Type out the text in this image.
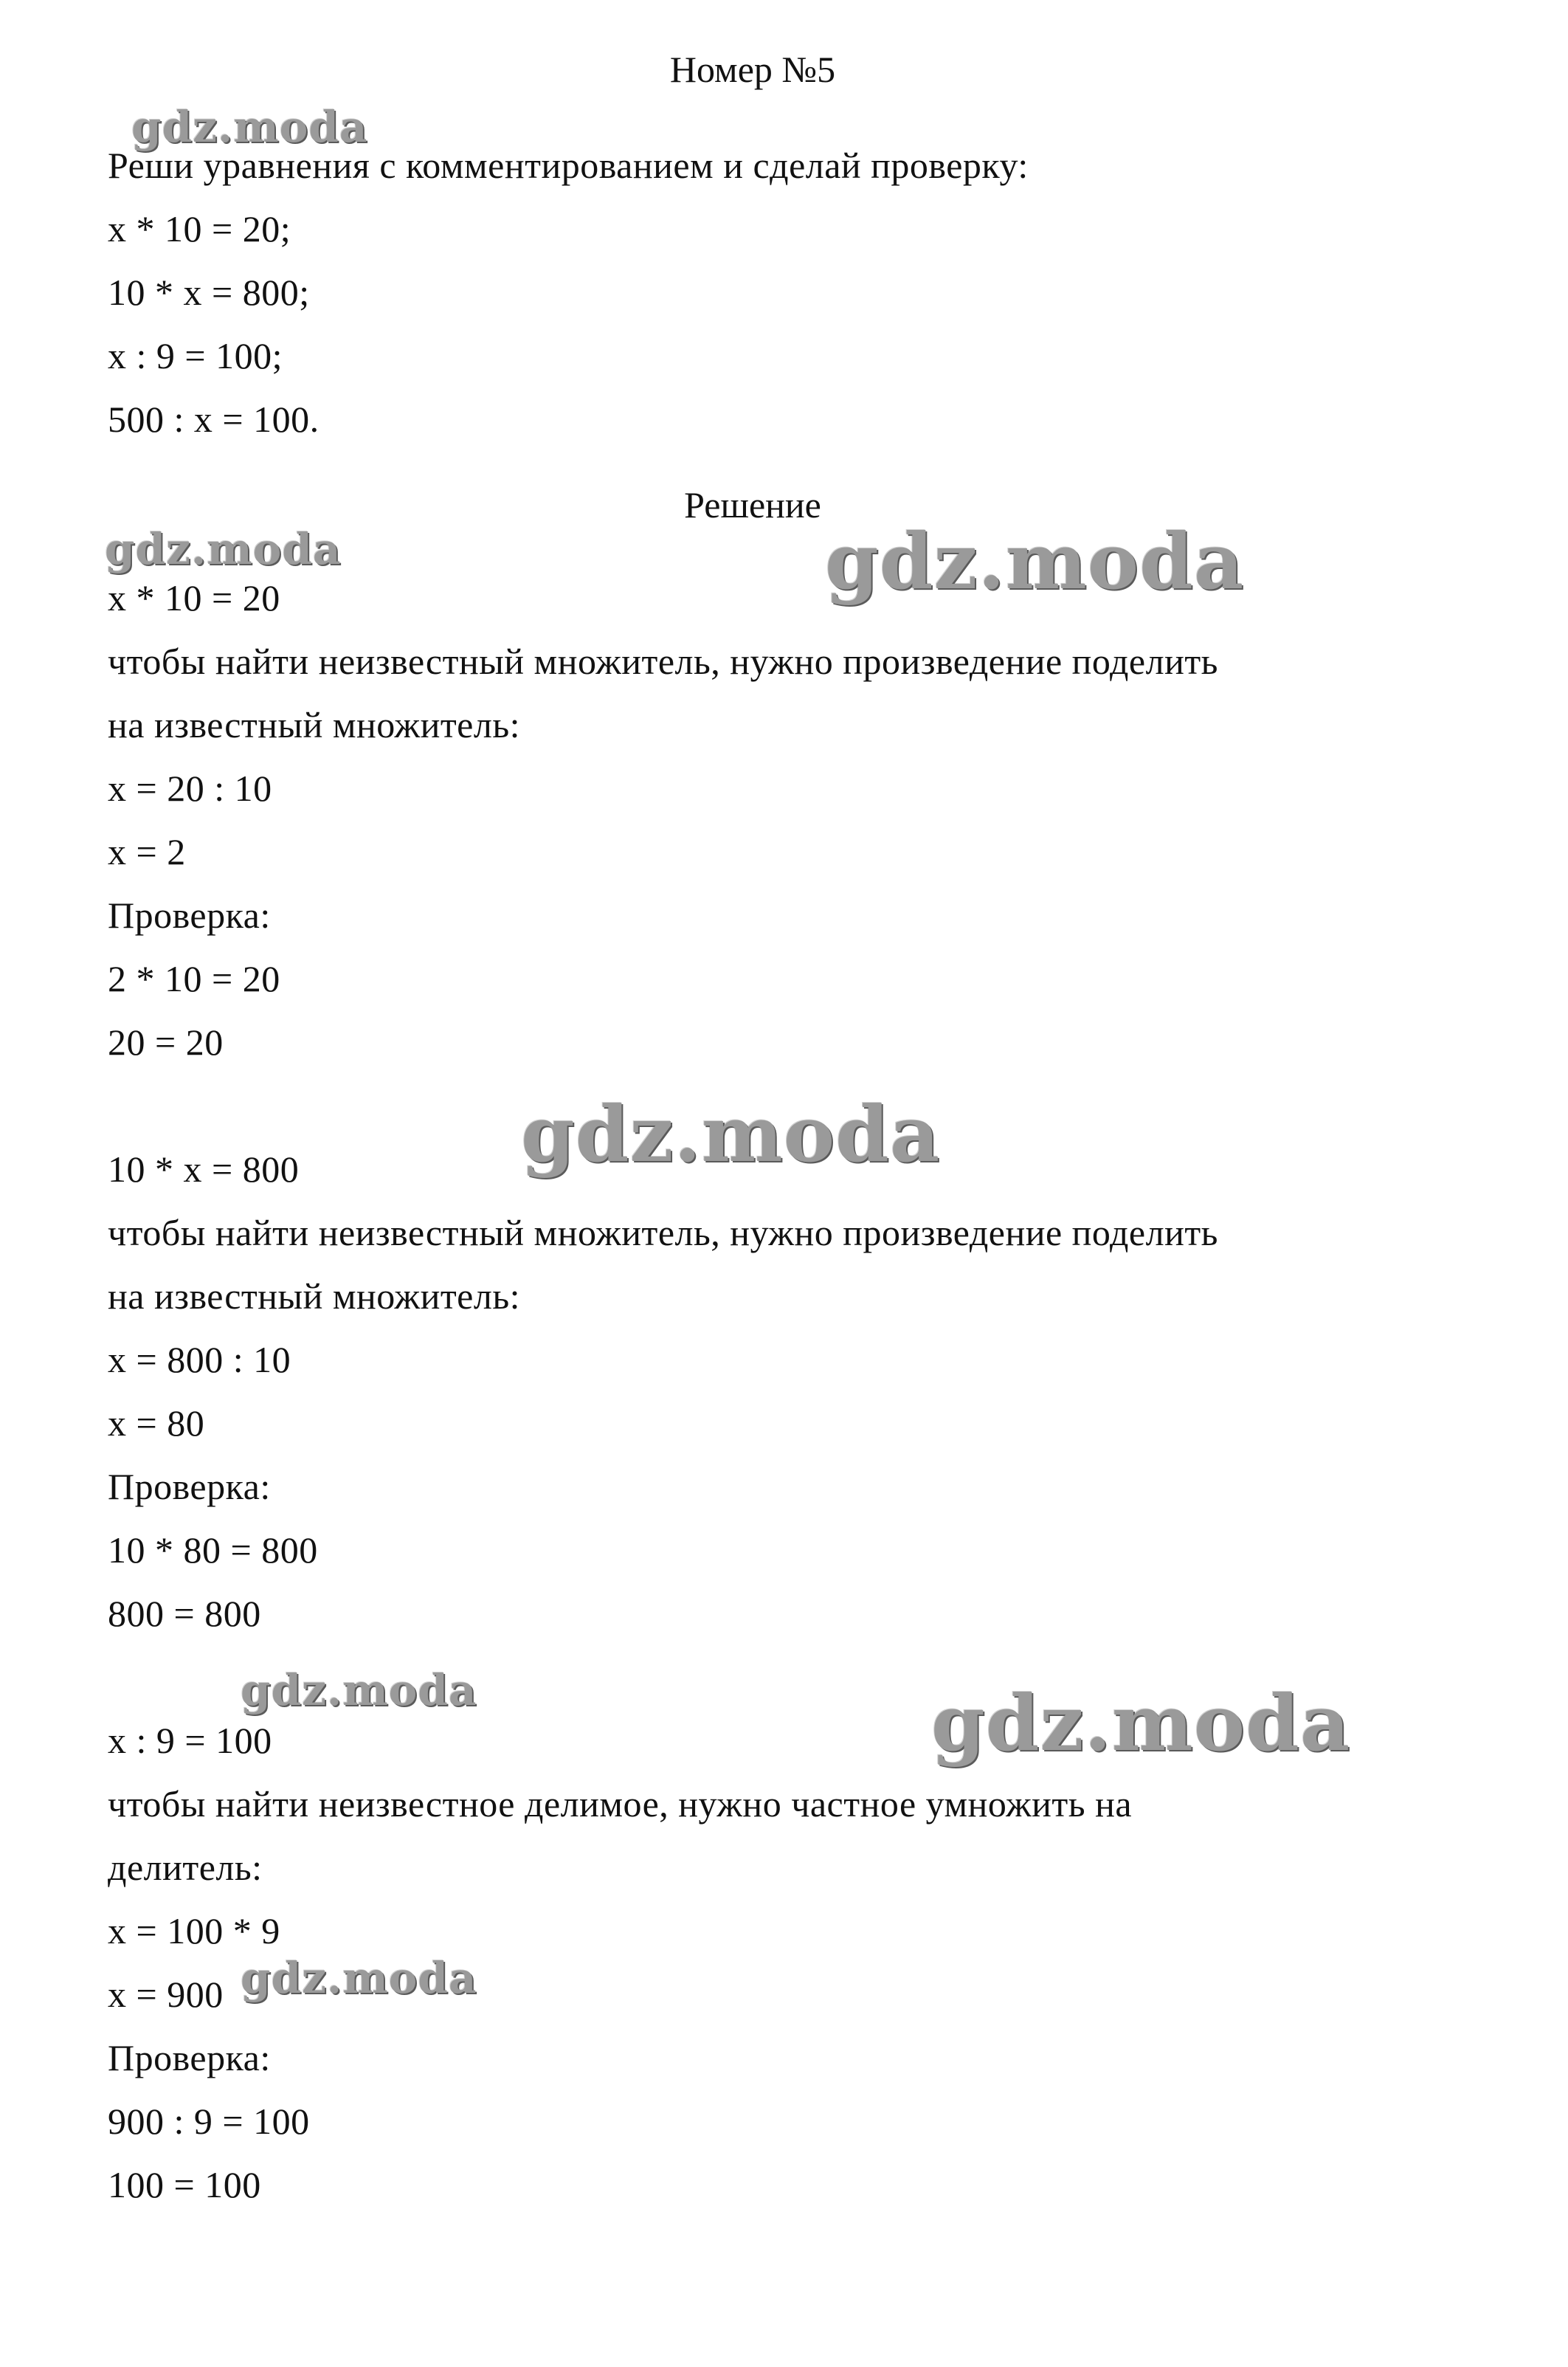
Номер №5
Реши уравнения с комментированием и сделай проверку:
x * 10 = 20;
10 * x = 800;
x : 9 = 100;
500 : x = 100.
Решение
x * 10 = 20
чтобы найти неизвестный множитель, нужно произведение поделить
на известный множитель:
x = 20 : 10
x = 2
Проверка:
2 * 10 = 20
20 = 20
10 * x = 800
чтобы найти неизвестный множитель, нужно произведение поделить
на известный множитель:
x = 800 : 10
x = 80
Проверка:
10 * 80 = 800
800 = 800
x : 9 = 100
чтобы найти неизвестное делимое, нужно частное умножить на
делитель:
x = 100 * 9
x = 900
Проверка:
900 : 9 = 100
100 = 100
gdz.moda
gdz.moda	gdz.moda
gdz.moda
gdz.moda	gdz.moda
gdz.moda
